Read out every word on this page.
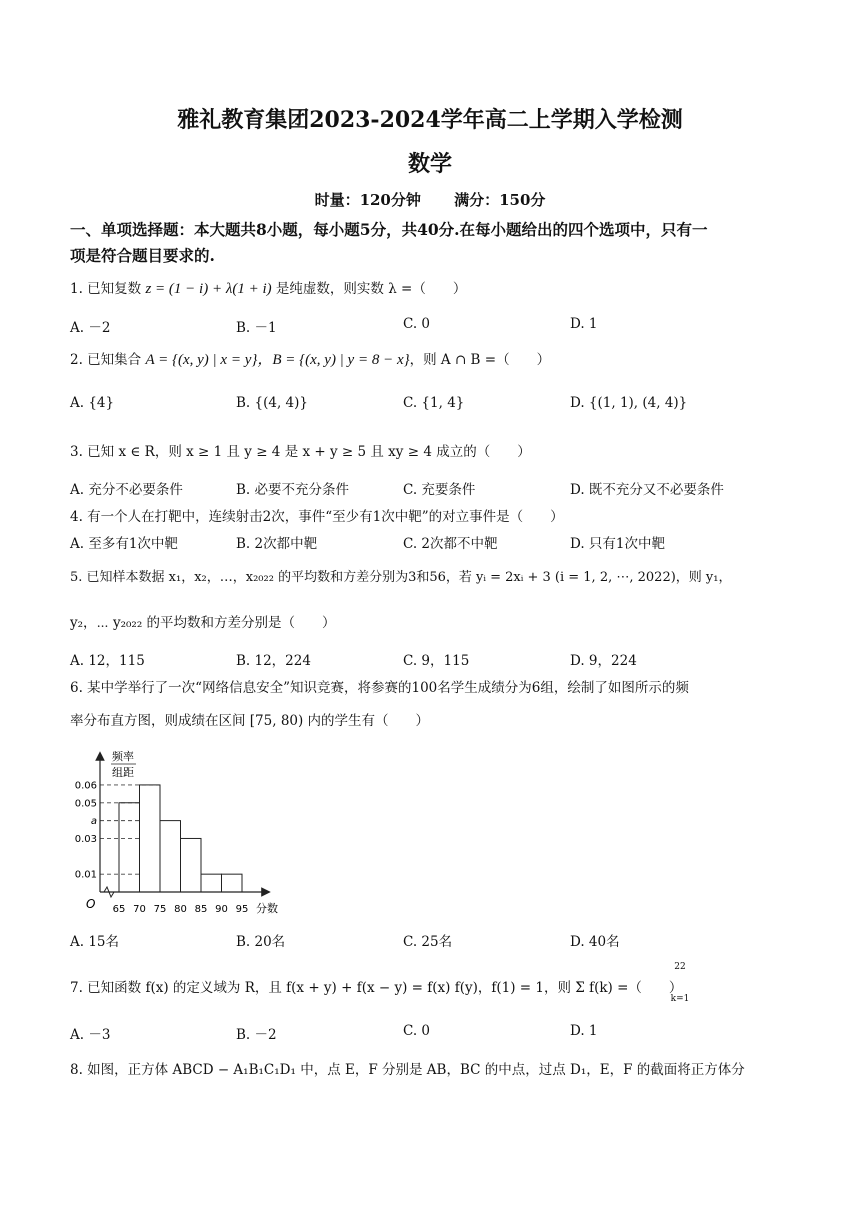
雅礼教育集团2023-2024学年高二上学期入学检测
数学
时量：120分钟 满分：150分
一、单项选择题：本大题共8小题，每小题5分，共40分.在每小题给出的四个选项中，只有一
项是符合题目要求的.
1. 已知复数 z = (1 − i) + λ(1 + i) 是纯虚数，则实数 λ =（　　）
A. －2	B. －1	C. 0	D. 1
2. 已知集合 A = {(x, y) | x = y}，B = {(x, y) | y = 8 − x}，则 A ∩ B =（　　）
A. {4}	B. {(4, 4)}	C. {1, 4}	D. {(1, 1), (4, 4)}
3. 已知 x ∈ R，则 x ≥ 1 且 y ≥ 4 是 x + y ≥ 5 且 xy ≥ 4 成立的（　　）
A. 充分不必要条件	B. 必要不充分条件	C. 充要条件	D. 既不充分又不必要条件
4. 有一个人在打靶中，连续射击2次，事件“至少有1次中靶”的对立事件是（　　）
A. 至多有1次中靶	B. 2次都中靶	C. 2次都不中靶	D. 只有1次中靶
5. 已知样本数据 x₁，x₂，…，x₂₀₂₂ 的平均数和方差分别为3和56，若 yᵢ = 2xᵢ + 3 (i = 1, 2, ⋯, 2022)，则 y₁，
y₂，⋯ y₂₀₂₂ 的平均数和方差分别是（　　）
A. 12，115	B. 12，224	C. 9，115	D. 9，224
6. 某中学举行了一次“网络信息安全”知识竞赛，将参赛的100名学生成绩分为6组，绘制了如图所示的频
率分布直方图，则成绩在区间 [75, 80) 内的学生有（　　）
频率
组距
O	分数
0.06
0.05
a
0.03
0.01
65 70 75 80 85 90 95
A. 15名	B. 20名	C. 25名	D. 40名
7. 已知函数 f(x) 的定义域为 R，且 f(x + y) + f(x − y) = f(x) f(y)，f(1) = 1，则 Σ f(k) =（　　）
22
k=1
A. －3	B. －2	C. 0	D. 1
8. 如图，正方体 ABCD − A₁B₁C₁D₁ 中，点 E，F 分别是 AB，BC 的中点，过点 D₁，E，F 的截面将正方体分
